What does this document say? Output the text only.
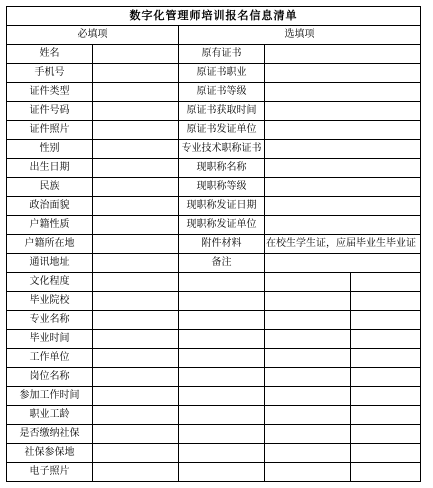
数字化管理师培训报名信息清单				
必填项		选填项		
姓名		原有证书		
手机号		原证书职业		
证件类型		原证书等级		
证件号码		原证书获取时间		
证件照片		原证书发证单位		
性别		专业技术职称证书		
出生日期		现职称名称		
民族		现职称等级		
政治面貌		现职称发证日期		
户籍性质		现职称发证单位		
户籍所在地		附件材料	在校生学生证，应届毕业生毕业证	
通讯地址		备注		
文化程度				
毕业院校				
专业名称				
毕业时间				
工作单位				
岗位名称				
参加工作时间				
职业工龄				
是否缴纳社保				
社保参保地				
电子照片				
